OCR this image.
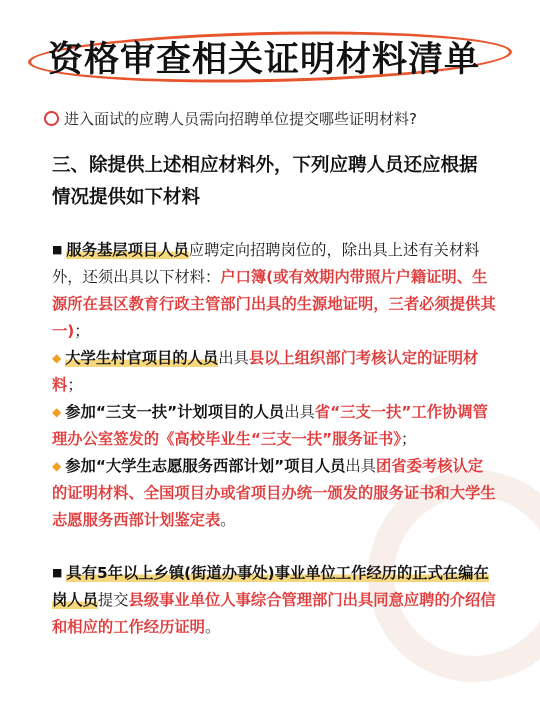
资格审查相关证明材料清单
进入面试的应聘人员需向招聘单位提交哪些证明材料?
三、除提供上述相应材料外，下列应聘人员还应根据情况提供如下材料

■ 服务基层项目人员应聘定向招聘岗位的，除出具上述有关材料外，还须出具以下材料：户口簿(或有效期内带照片户籍证明、生源所在县区教育行政主管部门出具的生源地证明，三者必须提供其一)；

◆ 大学生村官项目的人员出具县以上组织部门考核认定的证明材料；

◆ 参加“三支一扶”计划项目的人员出具省“三支一扶”工作协调管理办公室签发的《高校毕业生“三支一扶”服务证书》；

◆ 参加“大学生志愿服务西部计划”项目人员出具团省委考核认定的证明材料、全国项目办或省项目办统一颁发的服务证书和大学生志愿服务西部计划鉴定表。

■ 具有5年以上乡镇(街道办事处)事业单位工作经历的正式在编在岗人员提交县级事业单位人事综合管理部门出具同意应聘的介绍信和相应的工作经历证明。
